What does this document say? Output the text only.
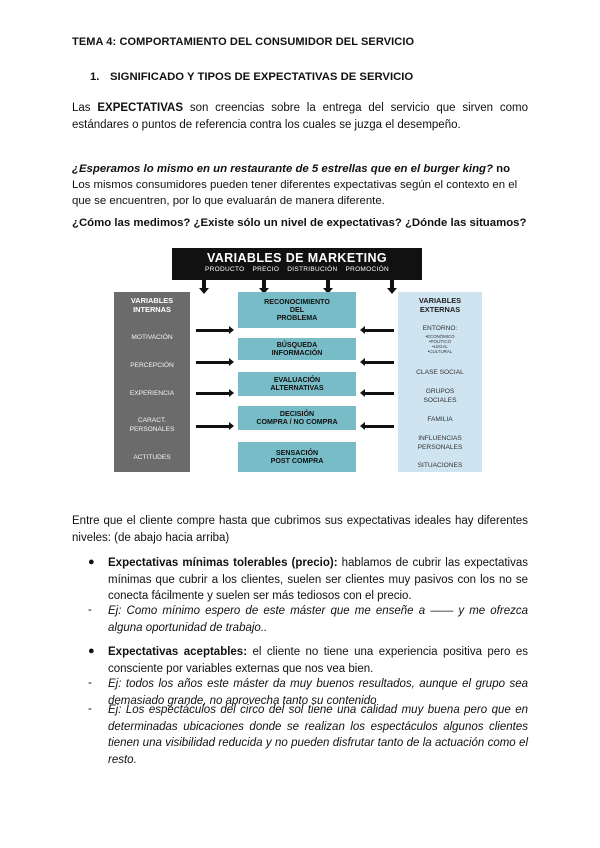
TEMA 4: COMPORTAMIENTO DEL CONSUMIDOR DEL SERVICIO
1. SIGNIFICADO Y TIPOS DE EXPECTATIVAS DE SERVICIO
Las EXPECTATIVAS son creencias sobre la entrega del servicio que sirven como estándares o puntos de referencia contra los cuales se juzga el desempeño.
¿Esperamos lo mismo en un restaurante de 5 estrellas que en el burger king? no
Los mismos consumidores pueden tener diferentes expectativas según el contexto en el que se encuentren, por lo que evaluarán de manera diferente.
¿Cómo las medimos? ¿Existe sólo un nivel de expectativas? ¿Dónde las situamos?
VARIABLES DE MARKETING
PRODUCTO PRECIO DISTRIBUCIÓN PROMOCIÓN
VARIABLES
INTERNAS
MOTIVACIÓN
PERCEPCIÓN
EXPERIENCIA
CARACT.
PERSONALES
ACTITUDES
VARIABLES
EXTERNAS
ENTORNO:
•ECONÓMICO
•POLÍTICO
•LEGAL
•CULTURAL
CLASE SOCIAL
GRUPOS
SOCIALES
FAMILIA
INFLUENCIAS
PERSONALES
SITUACIONES
RECONOCIMIENTO
DEL
PROBLEMA
BÚSQUEDA
INFORMACIÓN
EVALUACIÓN
ALTERNATIVAS
DECISIÓN
COMPRA / NO COMPRA
SENSACIÓN
POST COMPRA
Entre que el cliente compre hasta que cubrimos sus expectativas ideales hay diferentes niveles: (de abajo hacia arriba)
● Expectativas mínimas tolerables (precio): hablamos de cubrir las expectativas mínimas que cubrir a los clientes, suelen ser clientes muy pasivos con los no se conecta fácilmente y suelen ser más tediosos con el precio.
- Ej: Como mínimo espero de este máster que me enseñe a —— y me ofrezca alguna oportunidad de trabajo..
● Expectativas aceptables: el cliente no tiene una experiencia positiva pero es consciente por variables externas que nos vea bien.
- Ej: todos los años este máster da muy buenos resultados, aunque el grupo sea demasiado grande, no aprovecha tanto su contenido
- Ej: Los espectáculos del circo del sol tiene una calidad muy buena pero que en determinadas ubicaciones donde se realizan los espectáculos algunos clientes tienen una visibilidad reducida y no pueden disfrutar tanto de la actuación como el resto.
